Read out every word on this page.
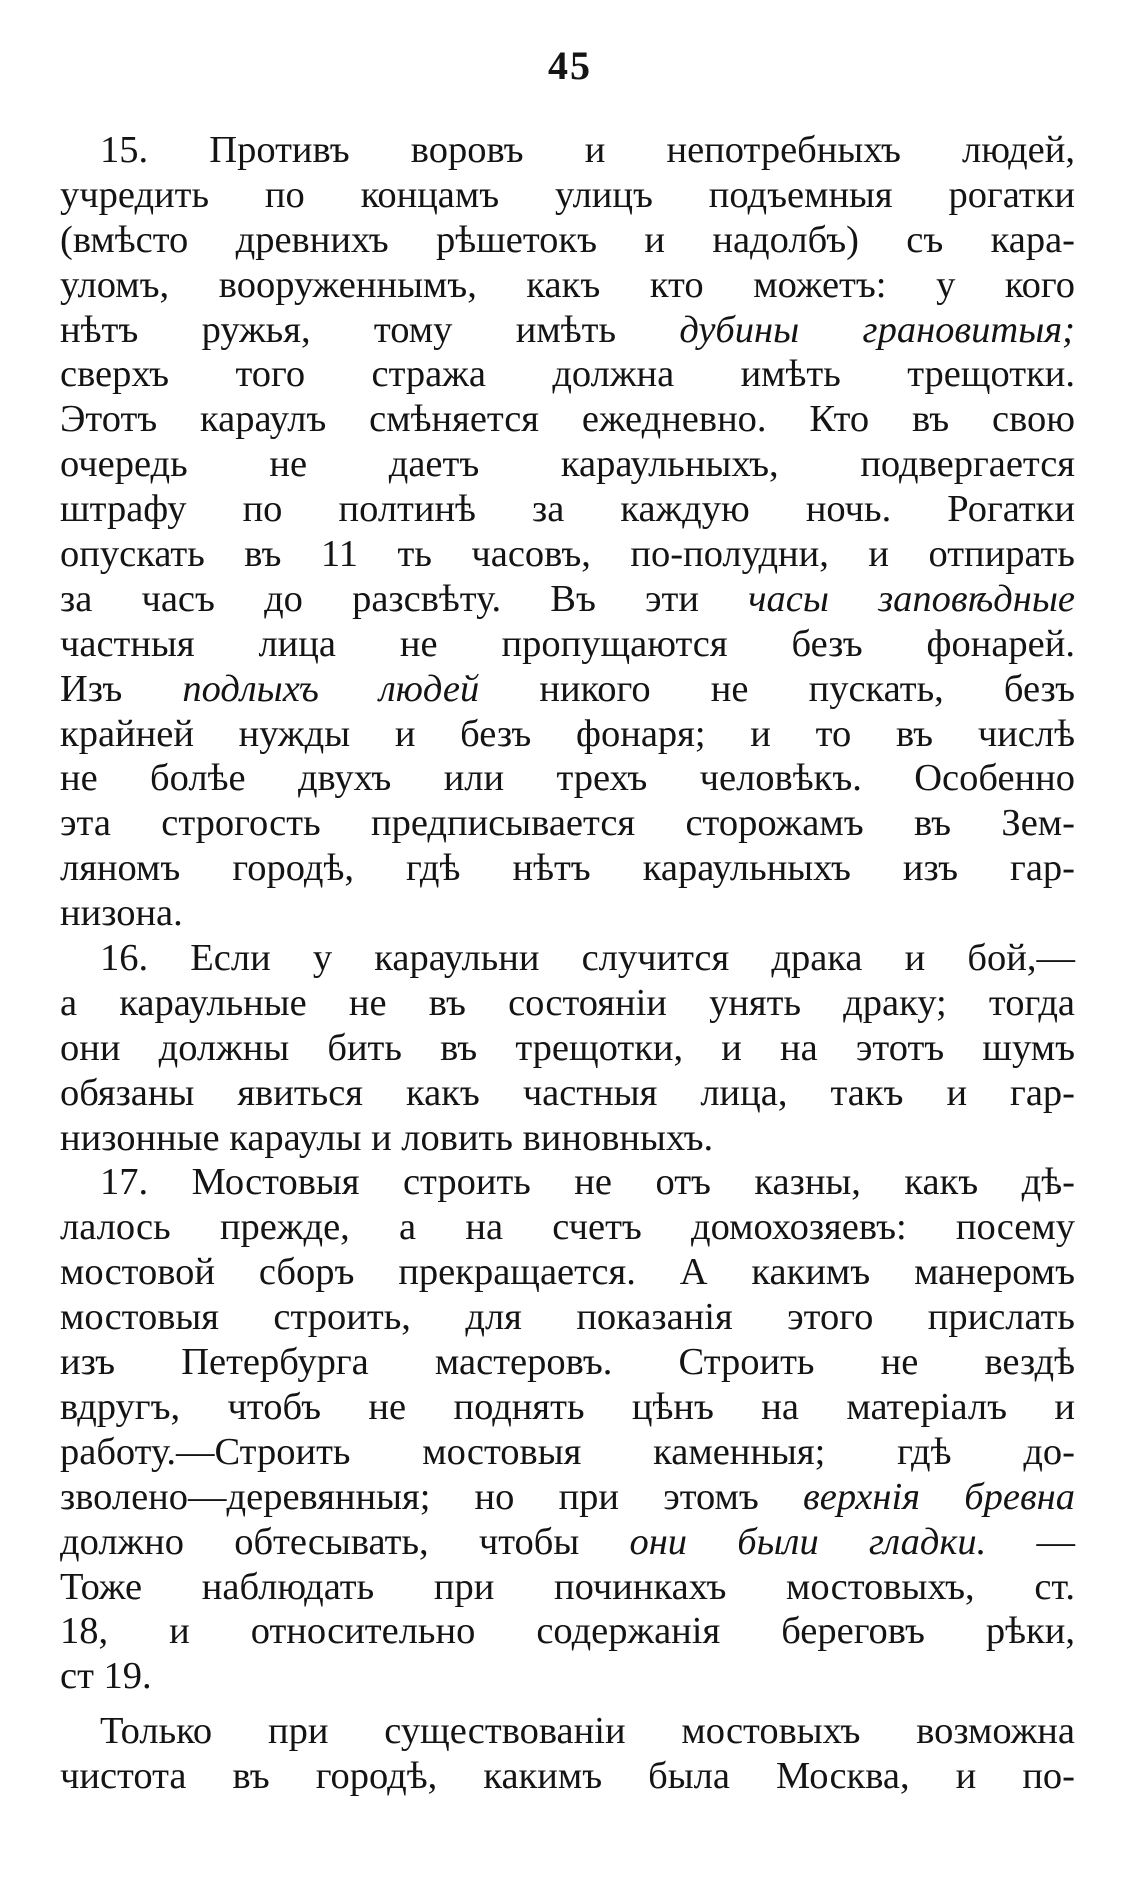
45
15. Противъ воровъ и непотребныхъ людей,
учредить по концамъ улицъ подъемныя рогатки
(вмѣсто древнихъ рѣшетокъ и надолбъ) съ кара-
уломъ, вооруженнымъ, какъ кто можетъ: у кого
нѣтъ ружья, тому имѣть дубины грановитыя;
сверхъ того стража должна имѣть трещотки.
Этотъ караулъ смѣняется ежедневно. Кто въ свою
очередь не даетъ караульныхъ, подвергается
штрафу по полтинѣ за каждую ночь. Рогатки
опускать въ 11 ть часовъ, по-полудни, и отпирать
за часъ до разсвѣту. Въ эти часы заповѣдные
частныя лица не пропущаются безъ фонарей.
Изъ подлыхъ людей никого не пускать, безъ
крайней нужды и безъ фонаря; и то въ числѣ
не болѣе двухъ или трехъ человѣкъ. Особенно
эта строгость предписывается сторожамъ въ Зем-
ляномъ городѣ, гдѣ нѣтъ караульныхъ изъ гар-
низона.
16. Если у караульни случится драка и бой,—
а караульные не въ состояніи унять драку; тогда
они должны бить въ трещотки, и на этотъ шумъ
обязаны явиться какъ частныя лица, такъ и гар-
низонные караулы и ловить виновныхъ.
17. Мостовыя строить не отъ казны, какъ дѣ-
лалось прежде, а на счетъ домохозяевъ: посему
мостовой сборъ прекращается. А какимъ манеромъ
мостовыя строить, для показанія этого прислать
изъ Петербурга мастеровъ. Строить не вездѣ
вдругъ, чтобъ не поднять цѣнъ на матеріалъ и
работу.—Строить мостовыя каменныя; гдѣ до-
зволено—деревянныя; но при этомъ верхнія бревна
должно обтесывать, чтобы они были гладки. —
Тоже наблюдать при починкахъ мостовыхъ, ст.
18, и относительно содержанія береговъ рѣки,
ст 19.
Только при существованіи мостовыхъ возможна
чистота въ городѣ, какимъ была Москва, и по-
